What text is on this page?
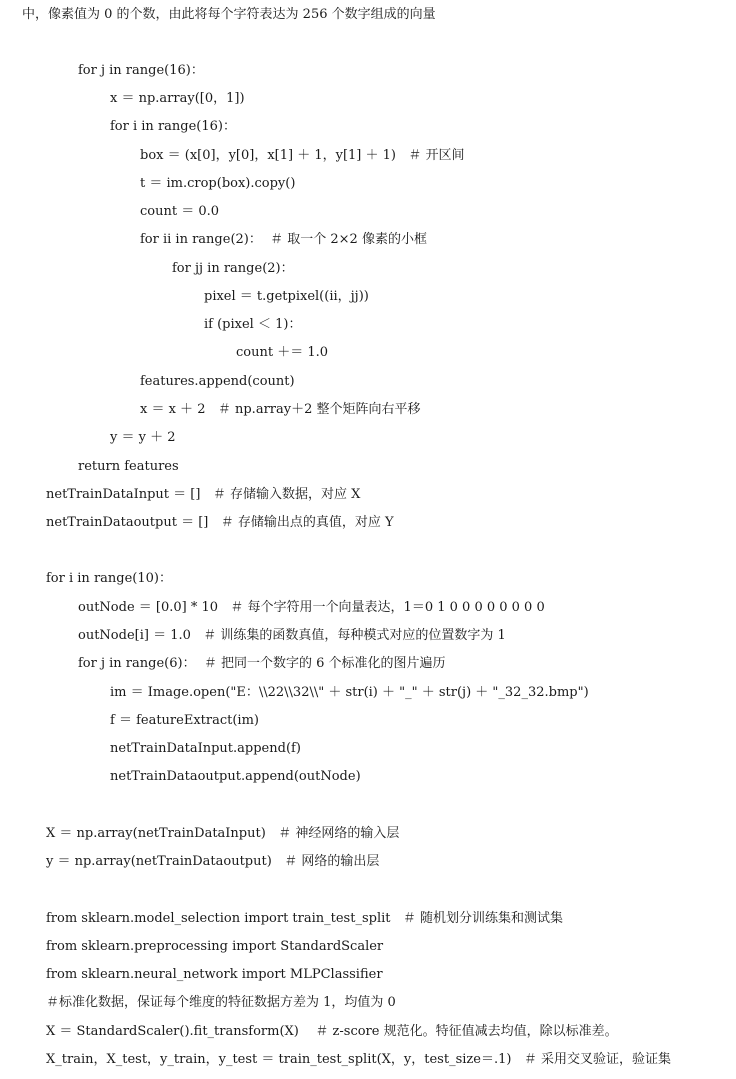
中，像素值为 0 的个数，由此将每个字符表达为 256 个数字组成的向量
for j in range(16)：
x ＝ np.array([0，1])
for i in range(16)：
box ＝ (x[0]，y[0]，x[1] ＋ 1，y[1] ＋ 1)   ＃ 开区间
t ＝ im.crop(box).copy()
count ＝ 0.0
for ii in range(2)：  ＃ 取一个 2×2 像素的小框
for jj in range(2)：
pixel ＝ t.getpixel((ii，jj))
if (pixel ＜ 1)：
count ＋＝ 1.0
features.append(count)
x ＝ x ＋ 2   ＃ np.array＋2 整个矩阵向右平移
y ＝ y ＋ 2
return features
netTrainDataInput ＝ []   ＃ 存储输入数据，对应 X
netTrainDataoutput ＝ []   ＃ 存储输出点的真值，对应 Y
for i in range(10)：
outNode ＝ [0.0] * 10   ＃ 每个字符用一个向量表达，1＝0 1 0 0 0 0 0 0 0 0
outNode[i] ＝ 1.0   ＃ 训练集的函数真值，每种模式对应的位置数字为 1
for j in range(6)：  ＃ 把同一个数字的 6 个标准化的图片遍历
im ＝ Image.open("E：\\22\\32\\" ＋ str(i) ＋ "_" ＋ str(j) ＋ "_32_32.bmp")
f ＝ featureExtract(im)
netTrainDataInput.append(f)
netTrainDataoutput.append(outNode)
X ＝ np.array(netTrainDataInput)   ＃ 神经网络的输入层
y ＝ np.array(netTrainDataoutput)   ＃ 网络的输出层
from sklearn.model_selection import train_test_split   ＃ 随机划分训练集和测试集
from sklearn.preprocessing import StandardScaler
from sklearn.neural_network import MLPClassifier
＃标准化数据，保证每个维度的特征数据方差为 1，均值为 0
X ＝ StandardScaler().fit_transform(X)    ＃ z-score 规范化。特征值减去均值，除以标准差。
X_train，X_test，y_train，y_test ＝ train_test_split(X，y，test_size＝.1)   ＃ 采用交叉验证，验证集
